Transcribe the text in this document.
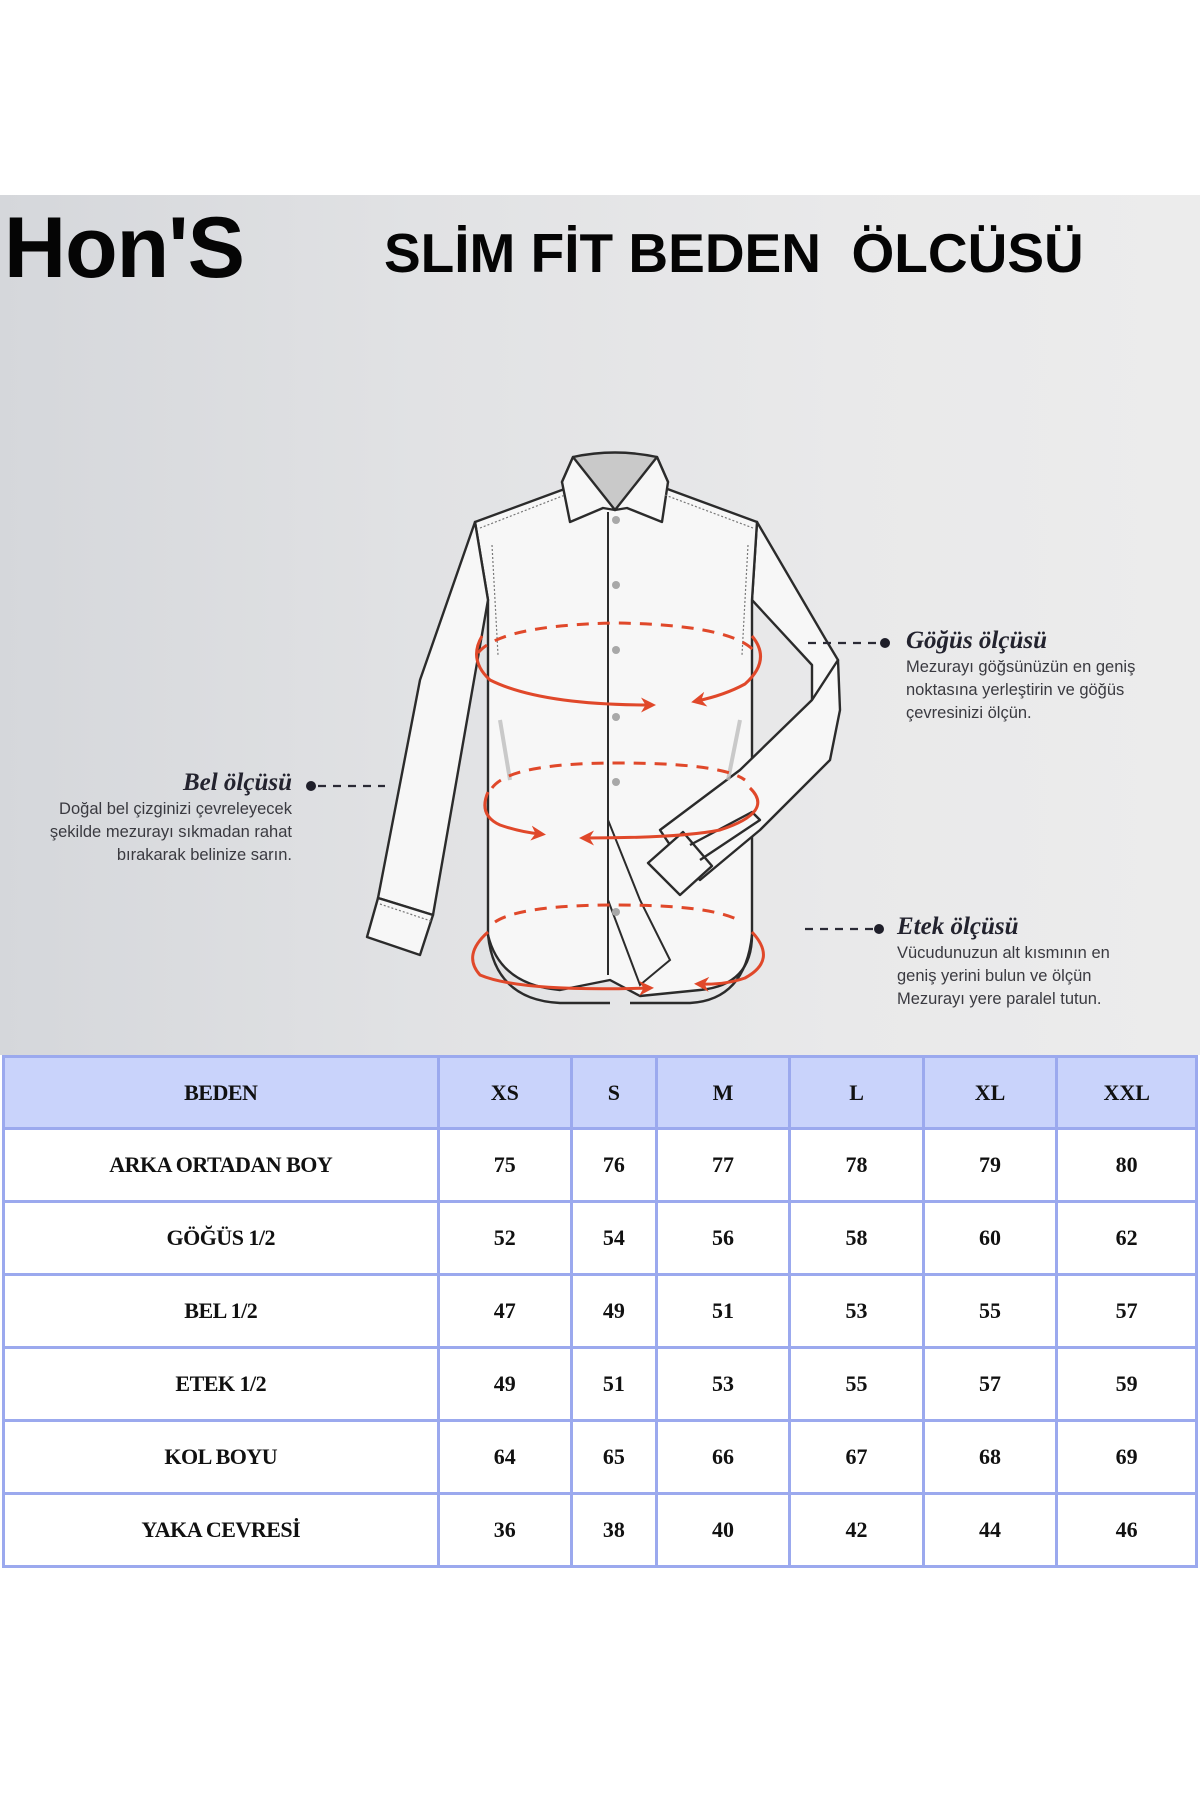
Hon'S	SLİM FİT BEDEN  ÖLCÜSÜ
Göğüs ölçüsü
Mezurayı göğsünüzün en geniş
noktasına yerleştirin ve göğüs
çevresinizi ölçün.
Bel ölçüsü
Doğal bel çizginizi çevreleyecek
şekilde mezurayı sıkmadan rahat
bırakarak belinize sarın.
Etek ölçüsü
Vücudunuzun alt kısmının en
geniş yerini bulun ve ölçün
Mezurayı yere paralel tutun.
BEDEN	XS	S	M	L	XL	XXL
ARKA ORTADAN BOY	75	76	77	78	79	80
GÖĞÜS 1/2	52	54	56	58	60	62
BEL 1/2	47	49	51	53	55	57
ETEK 1/2	49	51	53	55	57	59
KOL BOYU	64	65	66	67	68	69
YAKA CEVRESİ	36	38	40	42	44	46
